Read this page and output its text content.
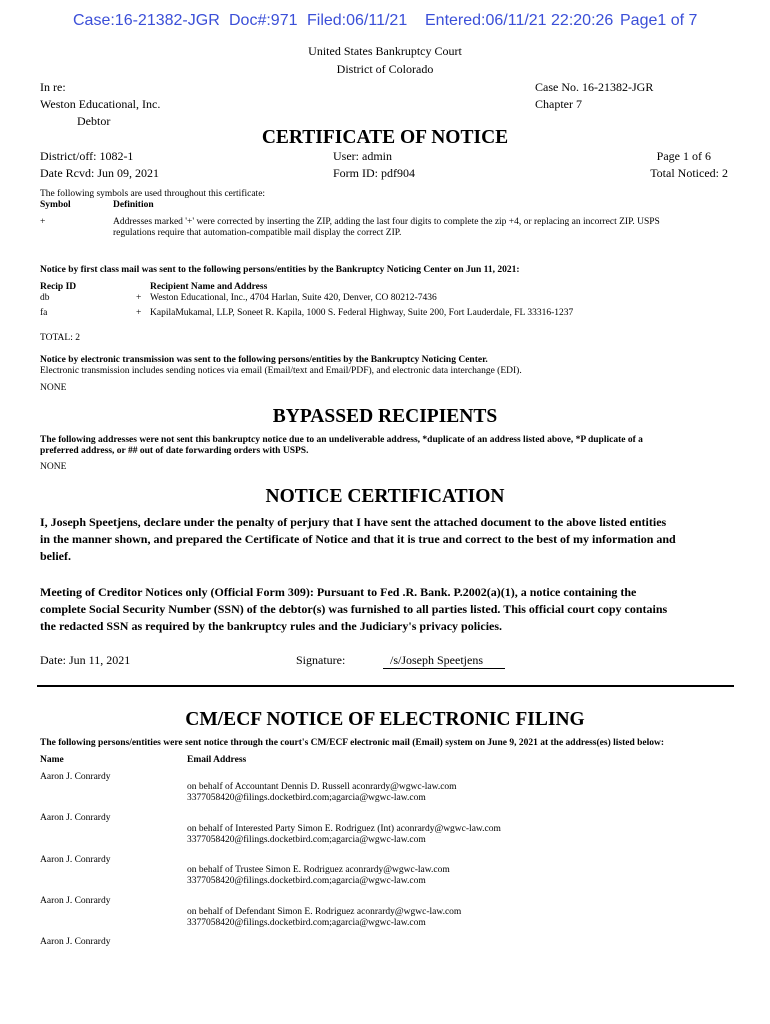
Case:16-21382-JGR Doc#:971 Filed:06/11/21 Entered:06/11/21 22:20:26 Page1 of 7
United States Bankruptcy Court
District of Colorado
In re:
Weston Educational, Inc.
Debtor
Case No. 16-21382-JGR
Chapter 7
CERTIFICATE OF NOTICE
District/off: 1082-1
Date Rcvd: Jun 09, 2021
User: admin
Form ID: pdf904
Page 1 of 6
Total Noticed: 2
The following symbols are used throughout this certificate:
Symbol	Definition
+	Addresses marked '+' were corrected by inserting the ZIP, adding the last four digits to complete the zip +4, or replacing an incorrect ZIP. USPS
regulations require that automation-compatible mail display the correct ZIP.
Notice by first class mail was sent to the following persons/entities by the Bankruptcy Noticing Center on Jun 11, 2021:
Recip ID	Recipient Name and Address
db	+ Weston Educational, Inc., 4704 Harlan, Suite 420, Denver, CO 80212-7436
fa	+ KapilaMukamal, LLP, Soneet R. Kapila, 1000 S. Federal Highway, Suite 200, Fort Lauderdale, FL 33316-1237
TOTAL: 2
Notice by electronic transmission was sent to the following persons/entities by the Bankruptcy Noticing Center.
Electronic transmission includes sending notices via email (Email/text and Email/PDF), and electronic data interchange (EDI).
NONE
BYPASSED RECIPIENTS
The following addresses were not sent this bankruptcy notice due to an undeliverable address, *duplicate of an address listed above, *P duplicate of a
preferred address, or ## out of date forwarding orders with USPS.
NONE
NOTICE CERTIFICATION
I, Joseph Speetjens, declare under the penalty of perjury that I have sent the attached document to the above listed entities
in the manner shown, and prepared the Certificate of Notice and that it is true and correct to the best of my information and
belief.
Meeting of Creditor Notices only (Official Form 309): Pursuant to Fed .R. Bank. P.2002(a)(1), a notice containing the
complete Social Security Number (SSN) of the debtor(s) was furnished to all parties listed. This official court copy contains
the redacted SSN as required by the bankruptcy rules and the Judiciary's privacy policies.
Date: Jun 11, 2021	Signature:	/s/Joseph Speetjens
CM/ECF NOTICE OF ELECTRONIC FILING
The following persons/entities were sent notice through the court's CM/ECF electronic mail (Email) system on June 9, 2021 at the address(es) listed below:
Name	Email Address
Aaron J. Conrardy
on behalf of Accountant Dennis D. Russell aconrardy@wgwc-law.com
3377058420@filings.docketbird.com;agarcia@wgwc-law.com
Aaron J. Conrardy
on behalf of Interested Party Simon E. Rodriguez (Int) aconrardy@wgwc-law.com
3377058420@filings.docketbird.com;agarcia@wgwc-law.com
Aaron J. Conrardy
on behalf of Trustee Simon E. Rodriguez aconrardy@wgwc-law.com
3377058420@filings.docketbird.com;agarcia@wgwc-law.com
Aaron J. Conrardy
on behalf of Defendant Simon E. Rodriguez aconrardy@wgwc-law.com
3377058420@filings.docketbird.com;agarcia@wgwc-law.com
Aaron J. Conrardy
